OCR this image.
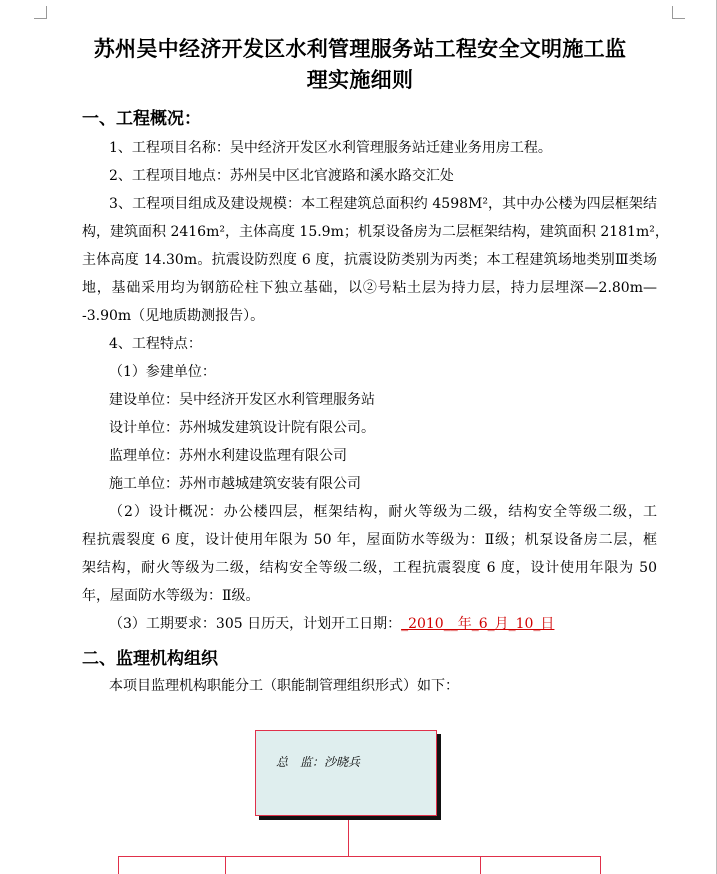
苏州吴中经济开发区水利管理服务站工程安全文明施工监
理实施细则
一、工程概况：
1、工程项目名称：吴中经济开发区水利管理服务站迁建业务用房工程。
2、工程项目地点：苏州吴中区北官渡路和溪水路交汇处
3、工程项目组成及建设规模：本工程建筑总面积约 4598M²，其中办公楼为四层框架结
构，建筑面积 2416m²，主体高度 15.9m；机泵设备房为二层框架结构，建筑面积 2181m²，
主体高度 14.30m。抗震设防烈度 6 度，抗震设防类别为丙类；本工程建筑场地类别Ⅲ类场
地，基础采用均为钢筋砼柱下独立基础，以②号粘土层为持力层，持力层埋深—2.80m—
-3.90m（见地质勘测报告）。
4、工程特点：
（1）参建单位：
建设单位：吴中经济开发区水利管理服务站
设计单位：苏州城发建筑设计院有限公司。
监理单位：苏州水利建设监理有限公司
施工单位：苏州市越城建筑安装有限公司
（2）设计概况：办公楼四层，框架结构，耐火等级为二级，结构安全等级二级，工
程抗震裂度 6 度，设计使用年限为 50 年，屋面防水等级为：Ⅱ级；机泵设备房二层，框
架结构，耐火等级为二级，结构安全等级二级，工程抗震裂度 6 度，设计使用年限为 50
年，屋面防水等级为：Ⅱ级。
（3）工期要求：305 日历天，计划开工日期：_2010__年_6_月_10_日
二、监理机构组织
本项目监理机构职能分工（职能制管理组织形式）如下：
总　监：沙晓兵
